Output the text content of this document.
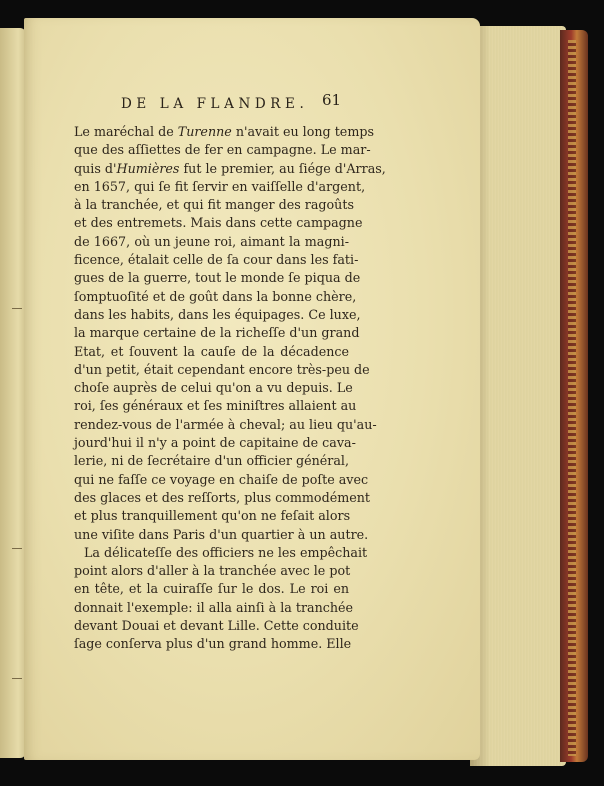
DE LA FLANDRE. 61
Le maréchal de Turenne n'avait eu long temps
que des aſſiettes de fer en campagne. Le mar-
quis d'Humières fut le premier, au ſiége d'Arras,
en 1657, qui ſe fit ſervir en vaiſſelle d'argent,
à la tranchée, et qui fit manger des ragoûts
et des entremets. Mais dans cette campagne
de 1667, où un jeune roi, aimant la magni-
ficence, étalait celle de ſa cour dans les fati-
gues de la guerre, tout le monde ſe piqua de
ſomptuoſité et de goût dans la bonne chère,
dans les habits, dans les équipages. Ce luxe,
la marque certaine de la richeſſe d'un grand
Etat, et ſouvent la cauſe de la décadence
d'un petit, était cependant encore très-peu de
choſe auprès de celui qu'on a vu depuis. Le
roi, ſes généraux et ſes miniſtres allaient au
rendez-vous de l'armée à cheval; au lieu qu'au-
jourd'hui il n'y a point de capitaine de cava-
lerie, ni de ſecrétaire d'un officier général,
qui ne faſſe ce voyage en chaiſe de poſte avec
des glaces et des reſſorts, plus commodément
et plus tranquillement qu'on ne feſait alors
une viſite dans Paris d'un quartier à un autre.
La délicateſſe des officiers ne les empêchait
point alors d'aller à la tranchée avec le pot
en tête, et la cuiraſſe ſur le dos. Le roi en
donnait l'exemple: il alla ainſi à la tranchée
devant Douai et devant Lille. Cette conduite
ſage conſerva plus d'un grand homme. Elle
